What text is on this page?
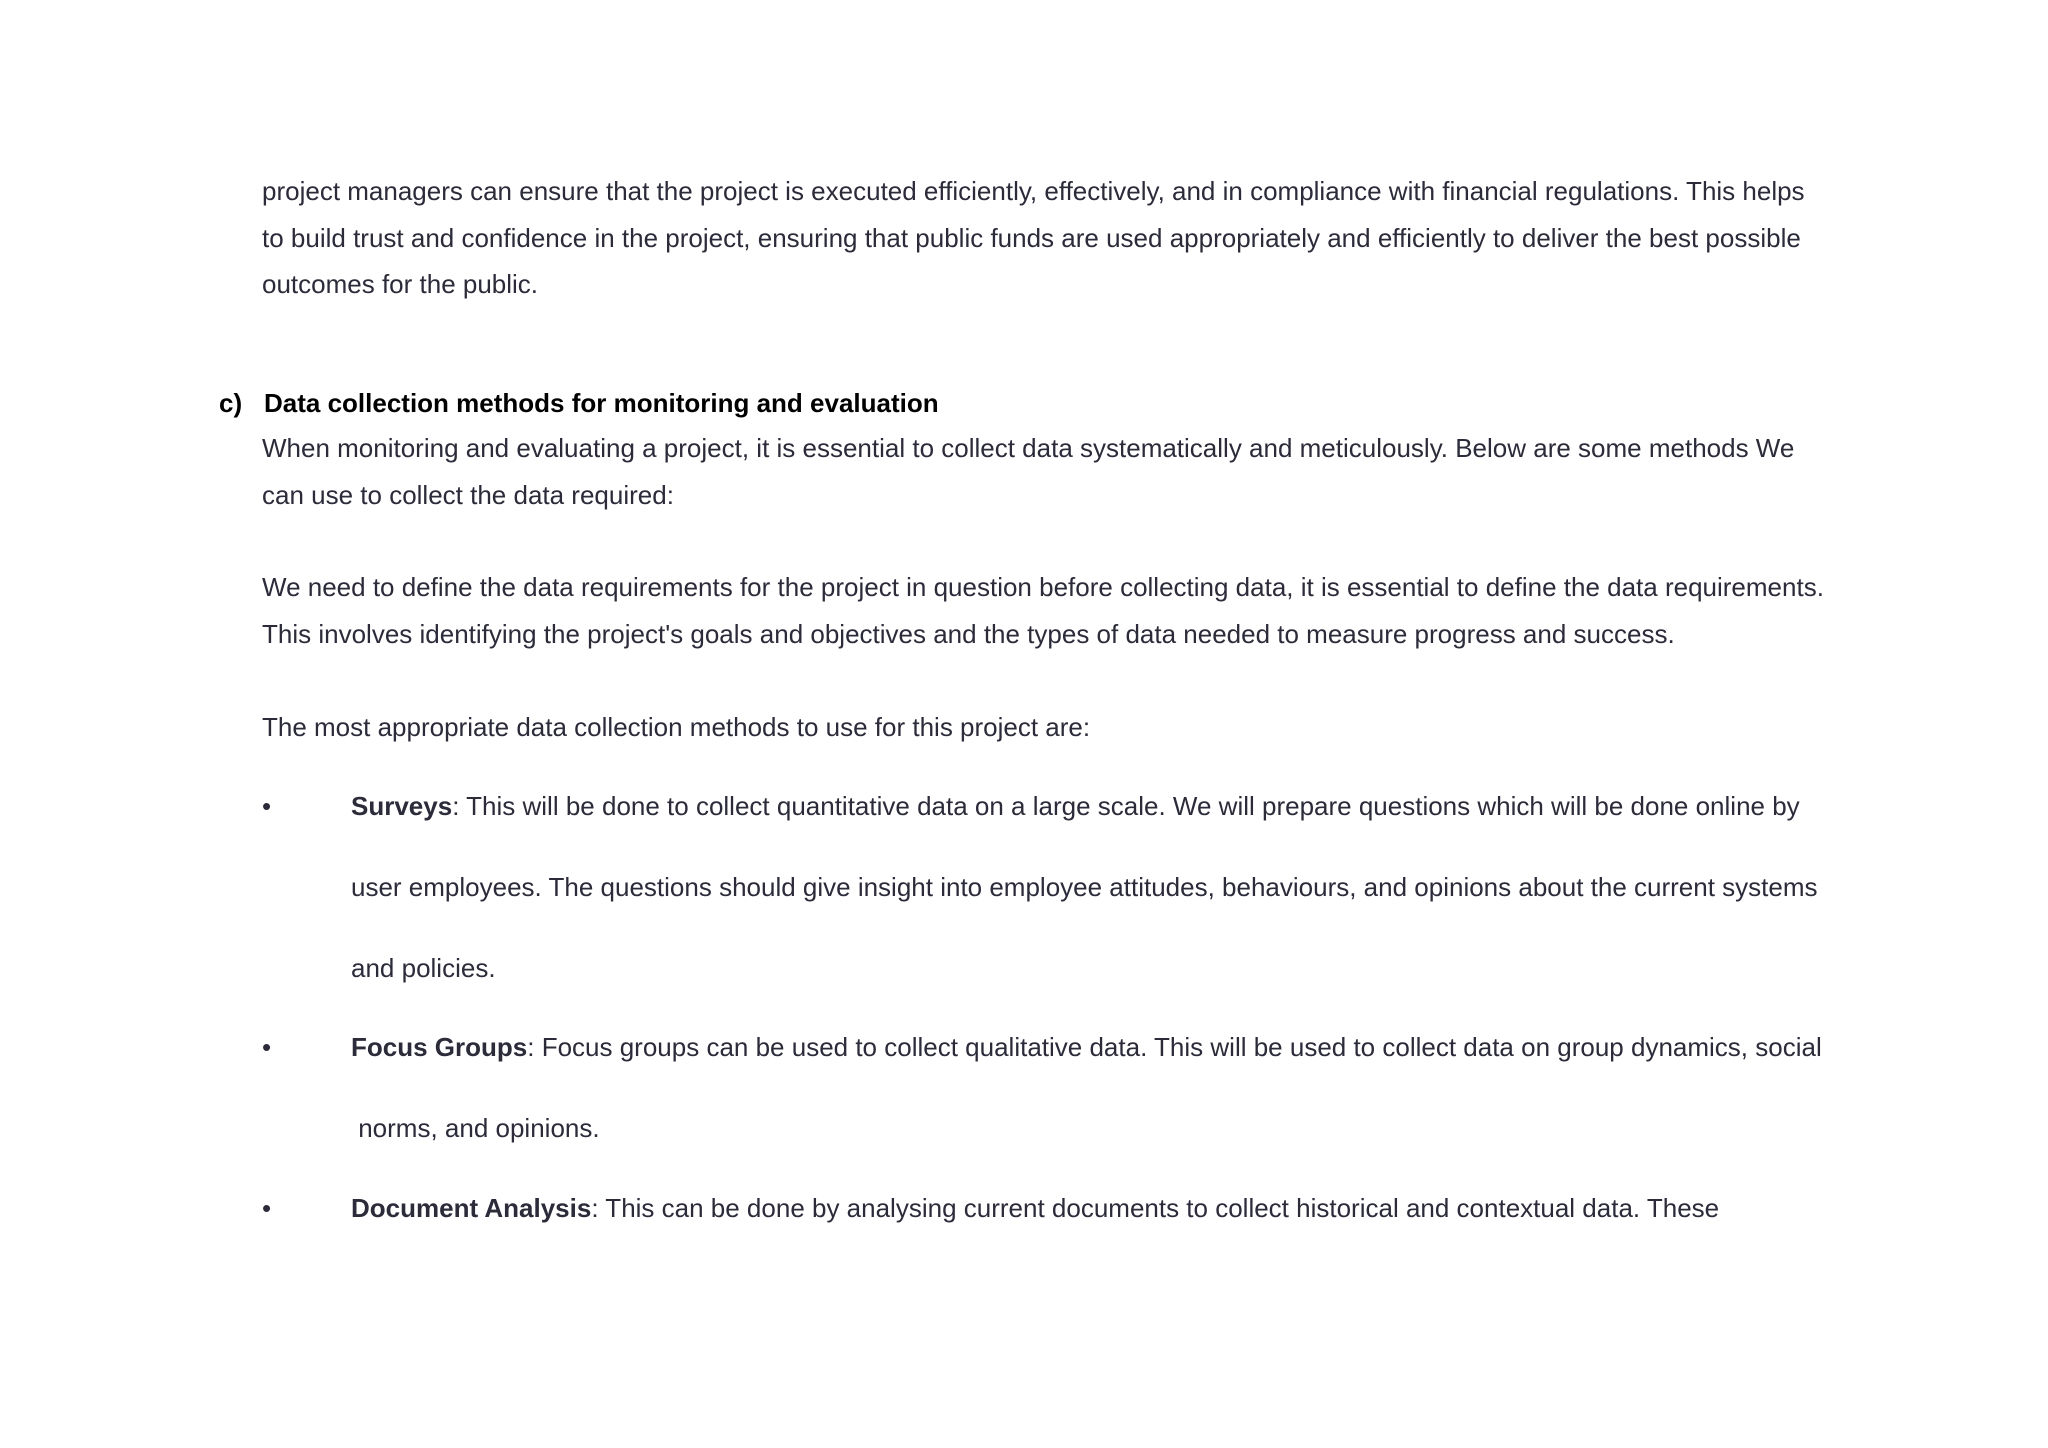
project managers can ensure that the project is executed efficiently, effectively, and in compliance with financial regulations. This helps
to build trust and confidence in the project, ensuring that public funds are used appropriately and efficiently to deliver the best possible
outcomes for the public.

c) Data collection methods for monitoring and evaluation

When monitoring and evaluating a project, it is essential to collect data systematically and meticulously. Below are some methods We
can use to collect the data required:

We need to define the data requirements for the project in question before collecting data, it is essential to define the data requirements.
This involves identifying the project's goals and objectives and the types of data needed to measure progress and success.

The most appropriate data collection methods to use for this project are:

•	Surveys: This will be done to collect quantitative data on a large scale. We will prepare questions which will be done online by
user employees. The questions should give insight into employee attitudes, behaviours, and opinions about the current systems
and policies.
•	Focus Groups: Focus groups can be used to collect qualitative data. This will be used to collect data on group dynamics, social
norms, and opinions.
•	Document Analysis: This can be done by analysing current documents to collect historical and contextual data. These
